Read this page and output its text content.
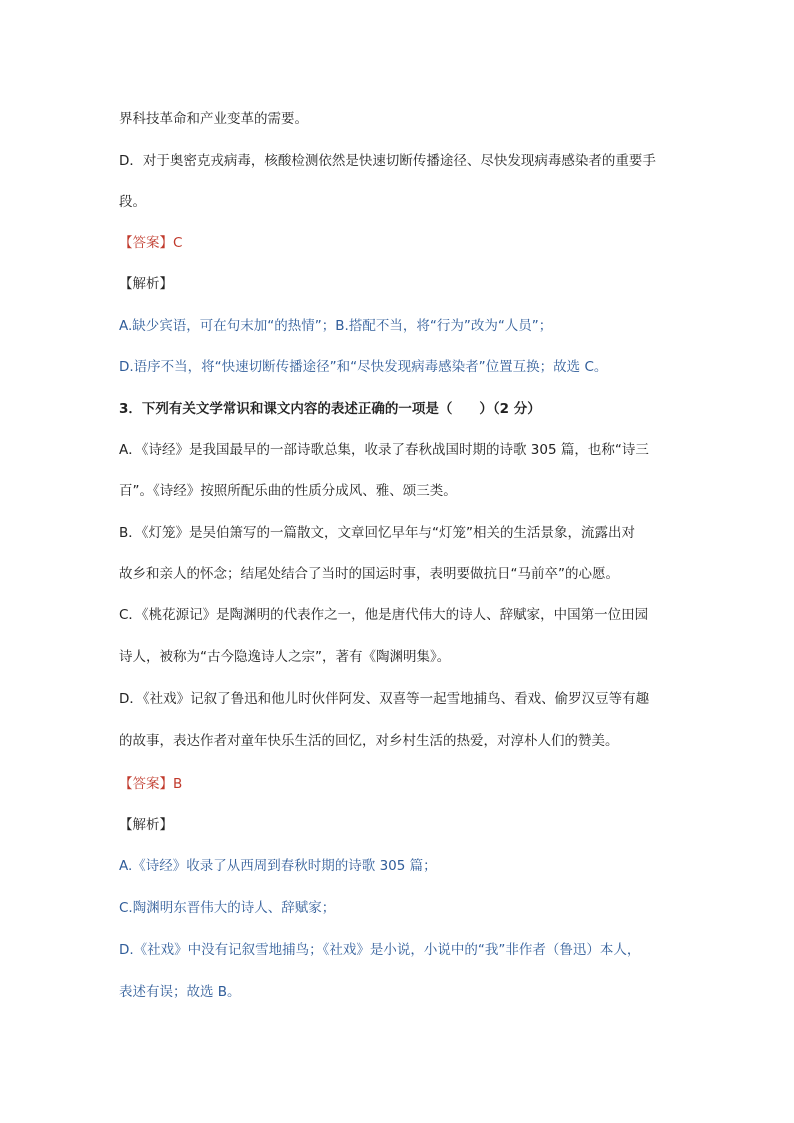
界科技革命和产业变革的需要。
D．对于奥密克戎病毒，核酸检测依然是快速切断传播途径、尽快发现病毒感染者的重要手
段。
【答案】C
【解析】
A.缺少宾语，可在句末加“的热情”；B.搭配不当，将“行为”改为“人员”；
D.语序不当，将“快速切断传播途径”和“尽快发现病毒感染者”位置互换；故选 C。
3．下列有关文学常识和课文内容的表述正确的一项是（　　）（2 分）
A．《诗经》是我国最早的一部诗歌总集，收录了春秋战国时期的诗歌 305 篇，也称“诗三
百”。《诗经》按照所配乐曲的性质分成风、雅、颂三类。
B．《灯笼》是吴伯箫写的一篇散文，文章回忆早年与“灯笼”相关的生活景象，流露出对
故乡和亲人的怀念；结尾处结合了当时的国运时事，表明要做抗日“马前卒”的心愿。
C．《桃花源记》是陶渊明的代表作之一，他是唐代伟大的诗人、辞赋家，中国第一位田园
诗人，被称为“古今隐逸诗人之宗”，著有《陶渊明集》。
D．《社戏》记叙了鲁迅和他儿时伙伴阿发、双喜等一起雪地捕鸟、看戏、偷罗汉豆等有趣
的故事，表达作者对童年快乐生活的回忆，对乡村生活的热爱，对淳朴人们的赞美。
【答案】B
【解析】
A.《诗经》收录了从西周到春秋时期的诗歌 305 篇；
C.陶渊明东晋伟大的诗人、辞赋家；
D.《社戏》中没有记叙雪地捕鸟；《社戏》是小说，小说中的“我”非作者（鲁迅）本人，
表述有误；故选 B。
